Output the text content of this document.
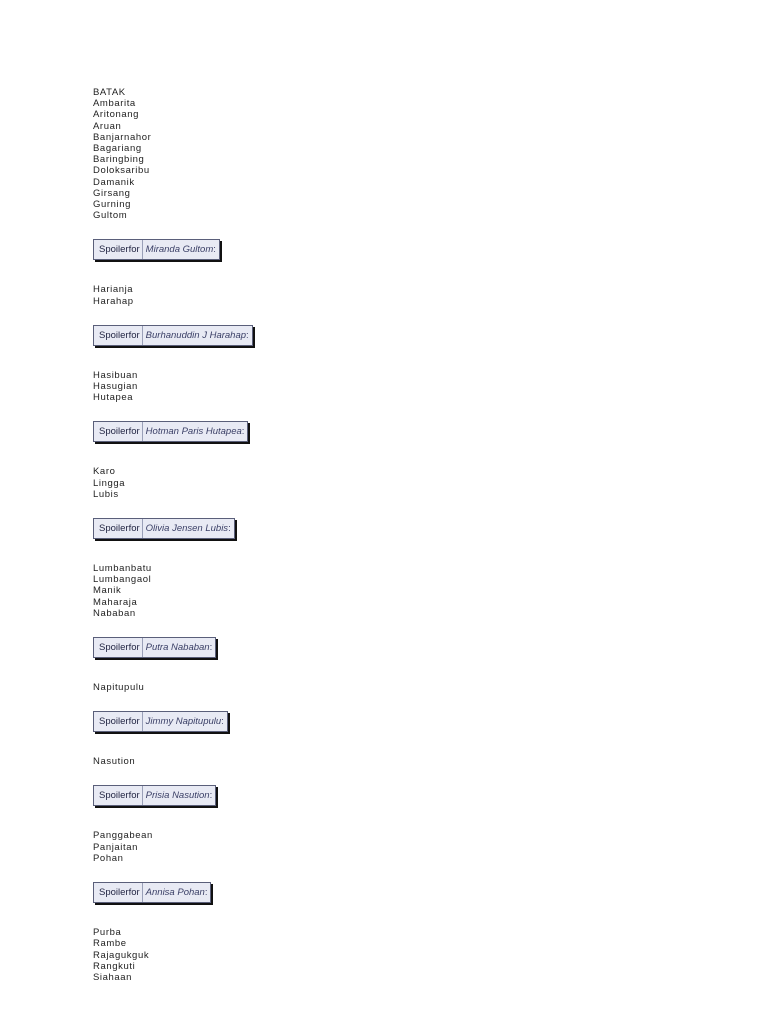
BATAK
Ambarita
Aritonang
Aruan
Banjarnahor
Bagariang
Baringbing
Doloksaribu
Damanik
Girsang
Gurning
Gultom
Spoilerfor Miranda Gultom :
Harianja
Harahap
Spoilerfor Burhanuddin J Harahap :
Hasibuan
Hasugian
Hutapea
Spoilerfor Hotman Paris Hutapea :
Karo
Lingga
Lubis
Spoilerfor Olivia Jensen Lubis :
Lumbanbatu
Lumbangaol
Manik
Maharaja
Nababan
Spoilerfor Putra Nababan :
Napitupulu
Spoilerfor Jimmy Napitupulu :
Nasution
Spoilerfor Prisia Nasution :
Panggabean
Panjaitan
Pohan
Spoilerfor Annisa Pohan :
Purba
Rambe
Rajagukguk
Rangkuti
Siahaan
